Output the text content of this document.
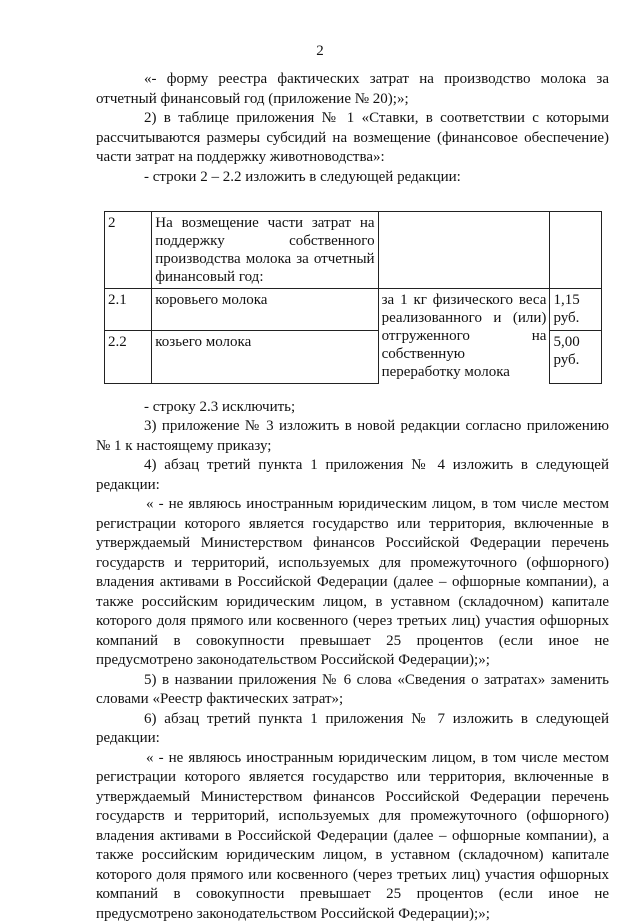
2

«- форму реестра фактических затрат на производство молока за отчетный финансовый год (приложение № 20);»;

2) в таблице приложения № 1 «Ставки, в соответствии с которыми рассчитываются размеры субсидий на возмещение (финансовое обеспечение) части затрат на поддержку животноводства»:

- строки 2 – 2.2 изложить в следующей редакции:

2	На возмещение части затрат на поддержку собственного производства молока за отчетный финансовый год:		
2.1	коровьего молока	за 1 кг физического веса реализованного и (или) отгруженного на собственную переработку молока	1,15 руб.
2.2	козьего молока		5,00 руб.

- строку 2.3 исключить;

3) приложение № 3 изложить в новой редакции согласно приложению № 1 к настоящему приказу;

4) абзац третий пункта 1 приложения № 4 изложить в следующей редакции:

« - не являюсь иностранным юридическим лицом, в том числе местом регистрации которого является государство или территория, включенные в утверждаемый Министерством финансов Российской Федерации перечень государств и территорий, используемых для промежуточного (офшорного) владения активами в Российской Федерации (далее – офшорные компании), а также российским юридическим лицом, в уставном (складочном) капитале которого доля прямого или косвенного (через третьих лиц) участия офшорных компаний в совокупности превышает 25 процентов (если иное не предусмотрено законодательством Российской Федерации);»;

5) в названии приложения № 6 слова «Сведения о затратах» заменить словами «Реестр фактических затрат»;

6) абзац третий пункта 1 приложения № 7 изложить в следующей редакции:

« - не являюсь иностранным юридическим лицом, в том числе местом регистрации которого является государство или территория, включенные в утверждаемый Министерством финансов Российской Федерации перечень государств и территорий, используемых для промежуточного (офшорного) владения активами в Российской Федерации (далее – офшорные компании), а также российским юридическим лицом, в уставном (складочном) капитале которого доля прямого или косвенного (через третьих лиц) участия офшорных компаний в совокупности превышает 25 процентов (если иное не предусмотрено законодательством Российской Федерации);»;
